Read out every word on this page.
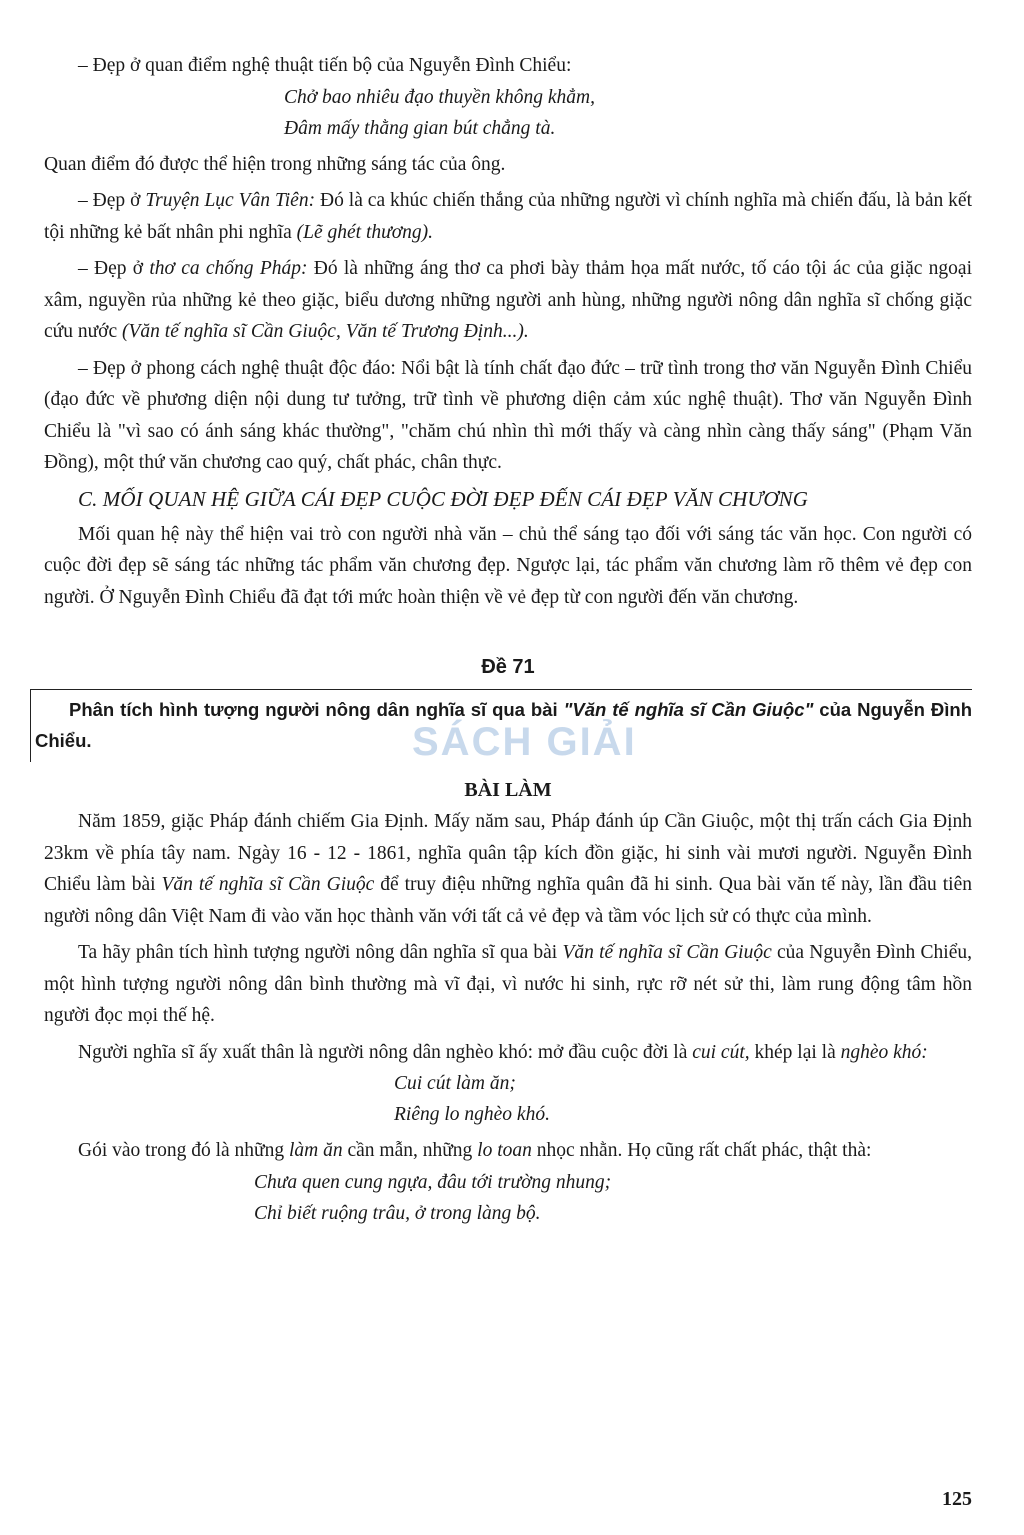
SÁCH GIẢI

– Đẹp ở quan điểm nghệ thuật tiến bộ của Nguyễn Đình Chiểu:

Chở bao nhiêu đạo thuyền không khẳm,

Đâm mấy thằng gian bút chẳng tà.

Quan điểm đó được thể hiện trong những sáng tác của ông.

– Đẹp ở Truyện Lục Vân Tiên: Đó là ca khúc chiến thắng của những người vì chính nghĩa mà chiến đấu, là bản kết tội những kẻ bất nhân phi nghĩa (Lẽ ghét thương).

– Đẹp ở thơ ca chống Pháp: Đó là những áng thơ ca phơi bày thảm họa mất nước, tố cáo tội ác của giặc ngoại xâm, nguyền rủa những kẻ theo giặc, biểu dương những người anh hùng, những người nông dân nghĩa sĩ chống giặc cứu nước (Văn tế nghĩa sĩ Cần Giuộc, Văn tế Trương Định...).

– Đẹp ở phong cách nghệ thuật độc đáo: Nổi bật là tính chất đạo đức – trữ tình trong thơ văn Nguyễn Đình Chiểu (đạo đức về phương diện nội dung tư tưởng, trữ tình về phương diện cảm xúc nghệ thuật). Thơ văn Nguyễn Đình Chiểu là "vì sao có ánh sáng khác thường", "chăm chú nhìn thì mới thấy và càng nhìn càng thấy sáng" (Phạm Văn Đồng), một thứ văn chương cao quý, chất phác, chân thực.

C. MỐI QUAN HỆ GIỮA CÁI ĐẸP CUỘC ĐỜI ĐẸP ĐẾN CÁI ĐẸP VĂN CHƯƠNG

Mối quan hệ này thể hiện vai trò con người nhà văn – chủ thể sáng tạo đối với sáng tác văn học. Con người có cuộc đời đẹp sẽ sáng tác những tác phẩm văn chương đẹp. Ngược lại, tác phẩm văn chương làm rõ thêm vẻ đẹp con người. Ở Nguyễn Đình Chiểu đã đạt tới mức hoàn thiện về vẻ đẹp từ con người đến văn chương.

Đề 71

Phân tích hình tượng người nông dân nghĩa sĩ qua bài "Văn tế nghĩa sĩ Cần Giuộc" của Nguyễn Đình Chiểu.

BÀI LÀM

Năm 1859, giặc Pháp đánh chiếm Gia Định. Mấy năm sau, Pháp đánh úp Cần Giuộc, một thị trấn cách Gia Định 23km về phía tây nam. Ngày 16 - 12 - 1861, nghĩa quân tập kích đồn giặc, hi sinh vài mươi người. Nguyễn Đình Chiểu làm bài Văn tế nghĩa sĩ Cần Giuộc để truy điệu những nghĩa quân đã hi sinh. Qua bài văn tế này, lần đầu tiên người nông dân Việt Nam đi vào văn học thành văn với tất cả vẻ đẹp và tầm vóc lịch sử có thực của mình.

Ta hãy phân tích hình tượng người nông dân nghĩa sĩ qua bài Văn tế nghĩa sĩ Cần Giuộc của Nguyễn Đình Chiểu, một hình tượng người nông dân bình thường mà vĩ đại, vì nước hi sinh, rực rỡ nét sử thi, làm rung động tâm hồn người đọc mọi thế hệ.

Người nghĩa sĩ ấy xuất thân là người nông dân nghèo khó: mở đầu cuộc đời là cui cút, khép lại là nghèo khó:

Cui cút làm ăn;

Riêng lo nghèo khó.

Gói vào trong đó là những làm ăn cần mẫn, những lo toan nhọc nhằn. Họ cũng rất chất phác, thật thà:

Chưa quen cung ngựa, đâu tới trường nhung;

Chỉ biết ruộng trâu, ở trong làng bộ.

125
